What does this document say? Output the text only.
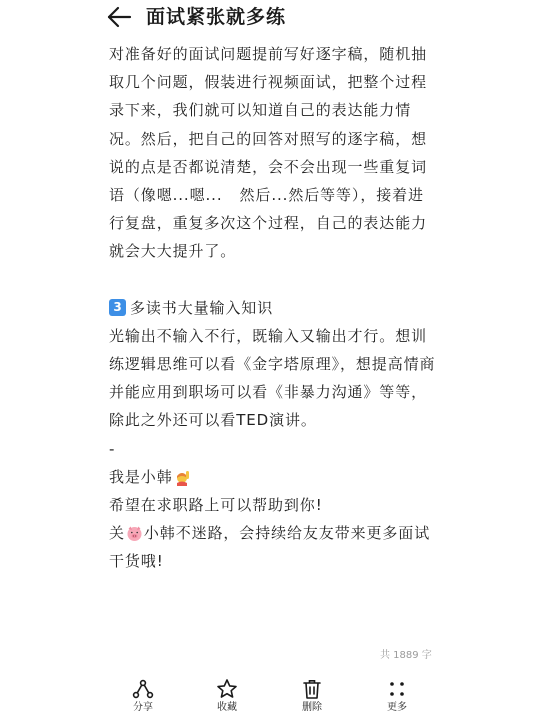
面试紧张就多练

对准备好的面试问题提前写好逐字稿，随机抽取几个问题，假装进行视频面试，把整个过程录下来，我们就可以知道自己的表达能力情况。然后，把自己的回答对照写的逐字稿，想说的点是否都说清楚，会不会出现一些重复词语（像嗯...嗯...   然后...然后等等），接着进行复盘，重复多次这个过程，自己的表达能力就会大大提升了。

3 多读书大量输入知识

光输出不输入不行，既输入又输出才行。想训练逻辑思维可以看《金字塔原理》，想提高情商并能应用到职场可以看《非暴力沟通》等等，除此之外还可以看TED演讲。

-

我是小韩

希望在求职路上可以帮助到你!

关 小韩不迷路，会持续给友友带来更多面试干货哦!

共 1889 字
分享	收藏	删除	更多
